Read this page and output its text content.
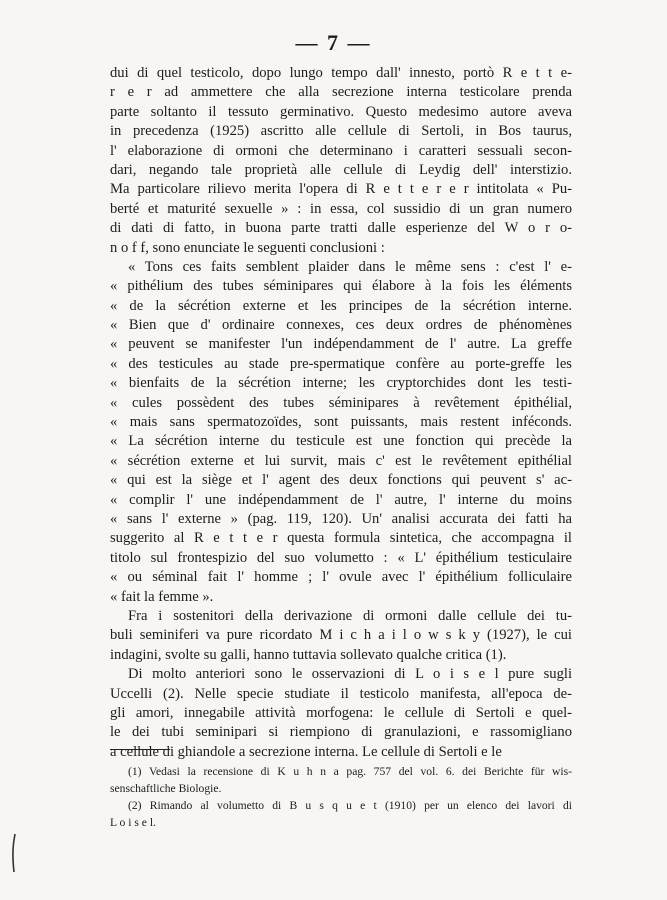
— 7 —
dui di quel testicolo, dopo lungo tempo dall' innesto, portò R e t t e-
r e r ad ammettere che alla secrezione interna testicolare prenda
parte soltanto il tessuto germinativo. Questo medesimo autore aveva
in precedenza (1925) ascritto alle cellule di Sertoli, in Bos taurus,
l' elaborazione di ormoni che determinano i caratteri sessuali secon-
dari, negando tale proprietà alle cellule di Leydig dell' interstizio.
Ma particolare rilievo merita l'opera di R e t t e r e r intitolata « Pu-
berté et maturité sexuelle » : in essa, col sussidio di un gran numero
di dati di fatto, in buona parte tratti dalle esperienze del W o r o-
n o f f, sono enunciate le seguenti conclusioni :
« Tons ces faits semblent plaider dans le même sens : c'est l' e-
« pithélium des tubes séminipares qui élabore à la fois les éléments
« de la sécrétion externe et les principes de la sécrétion interne.
« Bien que d' ordinaire connexes, ces deux ordres de phénomènes
« peuvent se manifester l'un indépendamment de l' autre. La greffe
« des testicules au stade pre-spermatique confère au porte-greffe les
« bienfaits de la sécrétion interne; les cryptorchides dont les testi-
« cules possèdent des tubes séminipares à revêtement épithélial,
« mais sans spermatozoïdes, sont puissants, mais restent inféconds.
« La sécrétion interne du testicule est une fonction qui precède la
« sécrétion externe et lui survit, mais c' est le revêtement epithélial
« qui est la siège et l' agent des deux fonctions qui peuvent s' ac-
« complir l' une indépendamment de l' autre, l' interne du moins
« sans l' externe » (pag. 119, 120). Un' analisi accurata dei fatti ha
suggerito al R e t t e r questa formula sintetica, che accompagna il
titolo sul frontespizio del suo volumetto : « L' épithélium testiculaire
« ou séminal fait l' homme ; l' ovule avec l' épithélium folliculaire
« fait la femme ».
Fra i sostenitori della derivazione di ormoni dalle cellule dei tu-
buli seminiferi va pure ricordato M i c h a i l o w s k y (1927), le cui
indagini, svolte su galli, hanno tuttavia sollevato qualche critica (1).
Di molto anteriori sono le osservazioni di L o i s e l pure sugli
Uccelli (2). Nelle specie studiate il testicolo manifesta, all'epoca de-
gli amori, innegabile attività morfogena: le cellule di Sertoli e quel-
le dei tubi seminipari si riempiono di granulazioni, e rassomigliano
a cellule di ghiandole a secrezione interna. Le cellule di Sertoli e le
(1) Vedasi la recensione di K u h n a pag. 757 del vol. 6. dei Berichte für wis-
senschaftliche Biologie.
(2) Rimando al volumetto di B u s q u e t (1910) per un elenco dei lavori di
L o i s e l.
